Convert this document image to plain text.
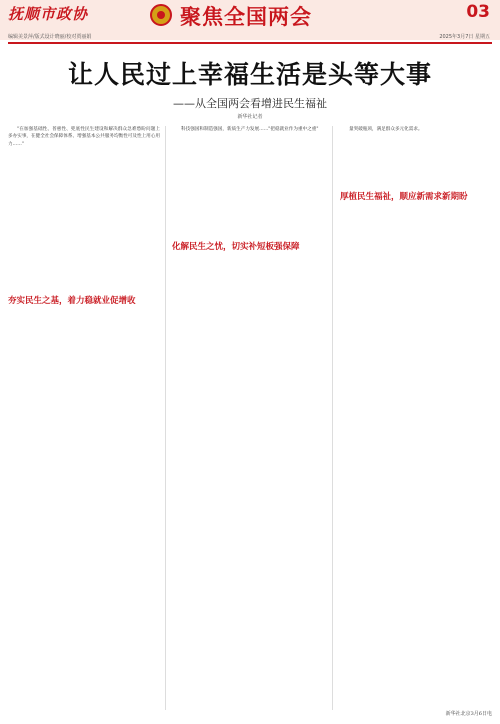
抚顺市政协	聚焦全国两会	03
编辑美景萍/版式设计晓丽/校对贾丽娟	2025年3月7日 星期五
让人民过上幸福生活是头等大事
——从全国两会看增进民生福祉
新华社记者

"在加强基础性、普惠性、兜底性民生建设和解决群众急难愁盼问题上多办实事，在健全社会保障体系、增强基本公共服务均衡性可及性上用心用力……"

科技强国和制造强国，新质生产力发展……"把稳就业作为重中之重"	量突破瓶颈，满足群众多元化需求。

夯实民生之基，着力稳就业促增收
化解民生之忧，切实补短板强保障
厚植民生福祉，顺应新需求新期盼
新华社北京3月6日电
